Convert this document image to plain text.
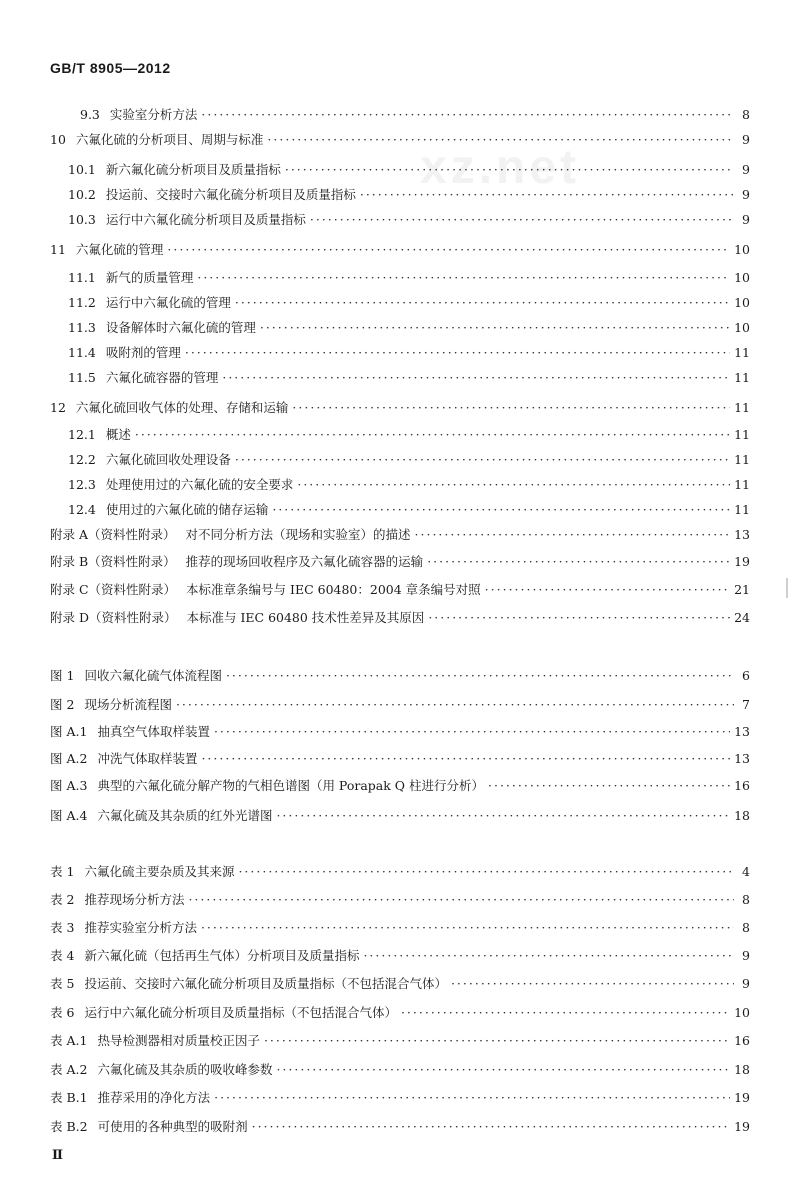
GB/T 8905—2012
xz.net
9.3 实验室分析方法 ·····	8
10 六氟化硫的分析项目、周期与标准 ·····	9
10.1 新六氟化硫分析项目及质量指标 ·····	9
10.2 投运前、交接时六氟化硫分析项目及质量指标 ·····	9
10.3 运行中六氟化硫分析项目及质量指标 ·····	9
11 六氟化硫的管理 ·····	10
11.1 新气的质量管理 ·····	10
11.2 运行中六氟化硫的管理 ·····	10
11.3 设备解体时六氟化硫的管理 ·····	10
11.4 吸附剂的管理 ·····	11
11.5 六氟化硫容器的管理 ·····	11
12 六氟化硫回收气体的处理、存储和运输 ·····	11
12.1 概述 ·····	11
12.2 六氟化硫回收处理设备 ·····	11
12.3 处理使用过的六氟化硫的安全要求 ·····	11
12.4 使用过的六氟化硫的储存运输 ·····	11
附录 A（资料性附录） 对不同分析方法（现场和实验室）的描述 ·····	13
附录 B（资料性附录） 推荐的现场回收程序及六氟化硫容器的运输 ·····	19
附录 C（资料性附录） 本标准章条编号与 IEC 60480：2004 章条编号对照 ·····	21
附录 D（资料性附录） 本标准与 IEC 60480 技术性差异及其原因 ·····	24
图 1 回收六氟化硫气体流程图 ·····	6
图 2 现场分析流程图 ·····	7
图 A.1 抽真空气体取样装置 ·····	13
图 A.2 冲洗气体取样装置 ·····	13
图 A.3 典型的六氟化硫分解产物的气相色谱图（用 Porapak Q 柱进行分析） ·····	16
图 A.4 六氟化硫及其杂质的红外光谱图 ·····	18
表 1 六氟化硫主要杂质及其来源 ·····	4
表 2 推荐现场分析方法 ·····	8
表 3 推荐实验室分析方法 ·····	8
表 4 新六氟化硫（包括再生气体）分析项目及质量指标 ·····	9
表 5 投运前、交接时六氟化硫分析项目及质量指标（不包括混合气体） ·····	9
表 6 运行中六氟化硫分析项目及质量指标（不包括混合气体） ·····	10
表 A.1 热导检测器相对质量校正因子 ·····	16
表 A.2 六氟化硫及其杂质的吸收峰参数 ·····	18
表 B.1 推荐采用的净化方法 ·····	19
表 B.2 可使用的各种典型的吸附剂 ·····	19
Ⅱ
